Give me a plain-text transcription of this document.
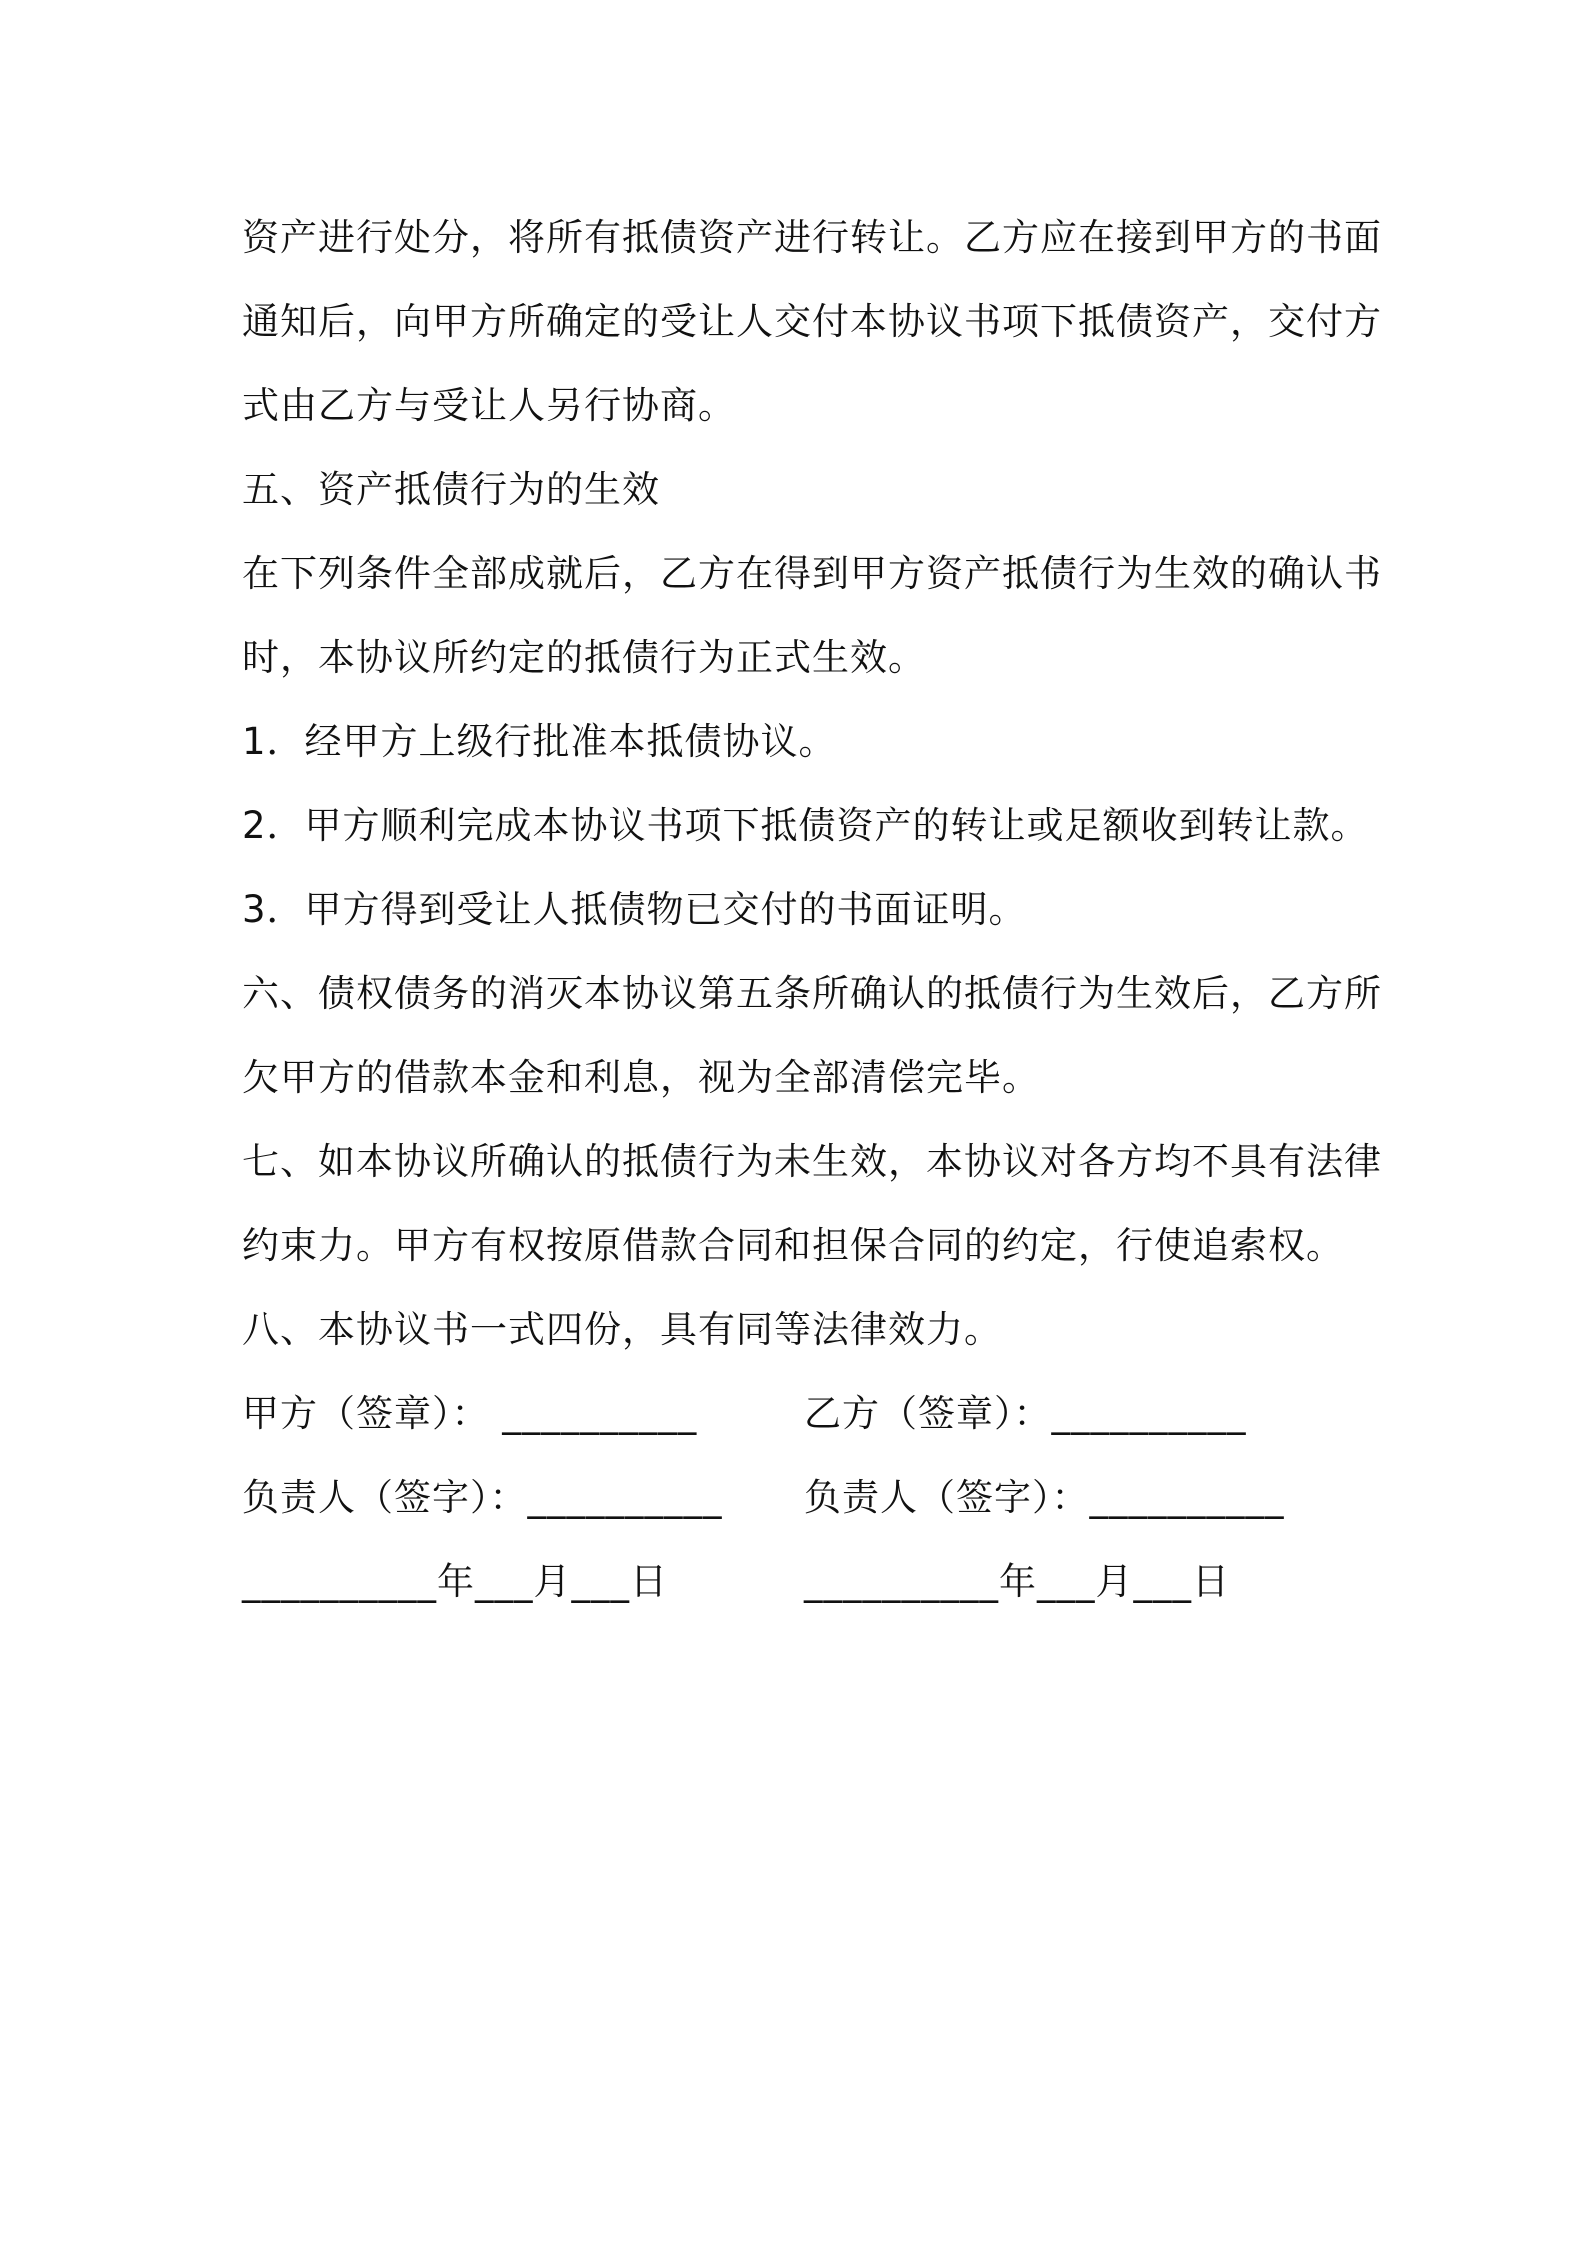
资产进行处分，将所有抵债资产进行转让。乙方应在接到甲方的书面
通知后，向甲方所确定的受让人交付本协议书项下抵债资产，交付方
式由乙方与受让人另行协商。
五、资产抵债行为的生效
在下列条件全部成就后，乙方在得到甲方资产抵债行为生效的确认书
时，本协议所约定的抵债行为正式生效。
1．经甲方上级行批准本抵债协议。
2．甲方顺利完成本协议书项下抵债资产的转让或足额收到转让款。
3．甲方得到受让人抵债物已交付的书面证明。
六、债权债务的消灭本协议第五条所确认的抵债行为生效后，乙方所
欠甲方的借款本金和利息，视为全部清偿完毕。
七、如本协议所确认的抵债行为未生效，本协议对各方均不具有法律
约束力。甲方有权按原借款合同和担保合同的约定，行使追索权。
八、本协议书一式四份，具有同等法律效力。
甲方（签章）： __________	乙方（签章）：__________
负责人（签字）：__________ 负责人（签字）：__________
__________年___月___日	__________年___月___日
